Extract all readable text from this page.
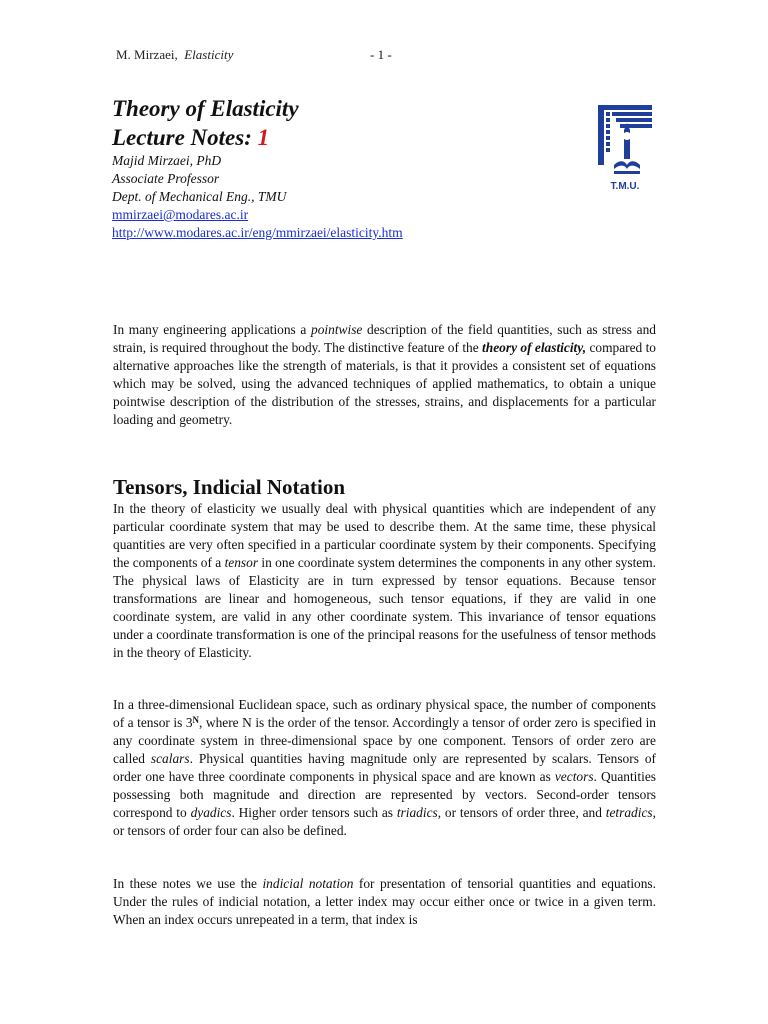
M. Mirzaei, Elasticity	- 1 -
Theory of Elasticity
Lecture Notes: 1
Majid Mirzaei, PhD
Associate Professor
Dept. of Mechanical Eng., TMU
mmirzaei@modares.ac.ir
http://www.modares.ac.ir/eng/mmirzaei/elasticity.htm
T.M.U.
In many engineering applications a pointwise description of the field quantities, such as stress and strain, is required throughout the body. The distinctive feature of the theory of elasticity, compared to alternative approaches like the strength of materials, is that it provides a consistent set of equations which may be solved, using the advanced techniques of applied mathematics, to obtain a unique pointwise description of the distribution of the stresses, strains, and displacements for a particular loading and geometry.
Tensors, Indicial Notation
In the theory of elasticity we usually deal with physical quantities which are independent of any particular coordinate system that may be used to describe them. At the same time, these physical quantities are very often specified in a particular coordinate system by their components. Specifying the components of a tensor in one coordinate system determines the components in any other system. The physical laws of Elasticity are in turn expressed by tensor equations. Because tensor transformations are linear and homogeneous, such tensor equations, if they are valid in one coordinate system, are valid in any other coordinate system. This invariance of tensor equations under a coordinate transformation is one of the principal reasons for the usefulness of tensor methods in the theory of Elasticity.
In a three-dimensional Euclidean space, such as ordinary physical space, the number of components of a tensor is $3^N$, where N is the order of the tensor. Accordingly a tensor of order zero is specified in any coordinate system in three-dimensional space by one component. Tensors of order zero are called scalars. Physical quantities having magnitude only are represented by scalars. Tensors of order one have three coordinate components in physical space and are known as vectors. Quantities possessing both magnitude and direction are represented by vectors. Second-order tensors correspond to dyadics. Higher order tensors such as triadics, or tensors of order three, and tetradics, or tensors of order four can also be defined.
In these notes we use the indicial notation for presentation of tensorial quantities and equations. Under the rules of indicial notation, a letter index may occur either once or twice in a given term. When an index occurs unrepeated in a term, that index is
